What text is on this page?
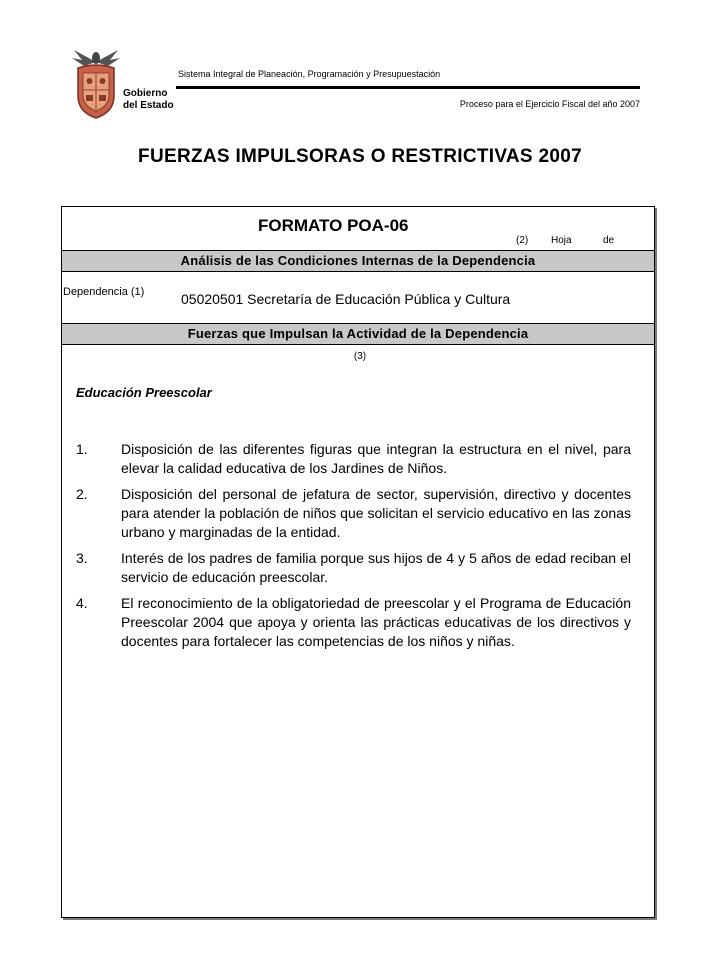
Gobierno
del Estado
Sistema Integral de Planeación, Programación y Presupuestación
Proceso para el Ejercicio Fiscal del año 2007
FUERZAS IMPULSORAS O RESTRICTIVAS 2007
FORMATO POA-06
(2) Hoja	de
Análisis de las Condiciones Internas de la Dependencia
Dependencia (1)	05020501 Secretaría de Educación Pública y Cultura
Fuerzas que Impulsan la Actividad de la Dependencia
(3)
Educación Preescolar
1.	Disposición de las diferentes figuras que integran la estructura en el nivel, para elevar la calidad educativa de los Jardines de Niños.
2.	Disposición del personal de jefatura de sector, supervisión, directivo y docentes para atender la población de niños que solicitan el servicio educativo en las zonas urbano y marginadas de la entidad.
3.	Interés de los padres de familia porque sus hijos de 4 y 5 años de edad reciban el servicio de educación preescolar.
4.	El reconocimiento de la obligatoriedad de preescolar y el Programa de Educación Preescolar 2004 que apoya y orienta las prácticas educativas de los directivos y docentes para fortalecer las competencias de los niños y niñas.
